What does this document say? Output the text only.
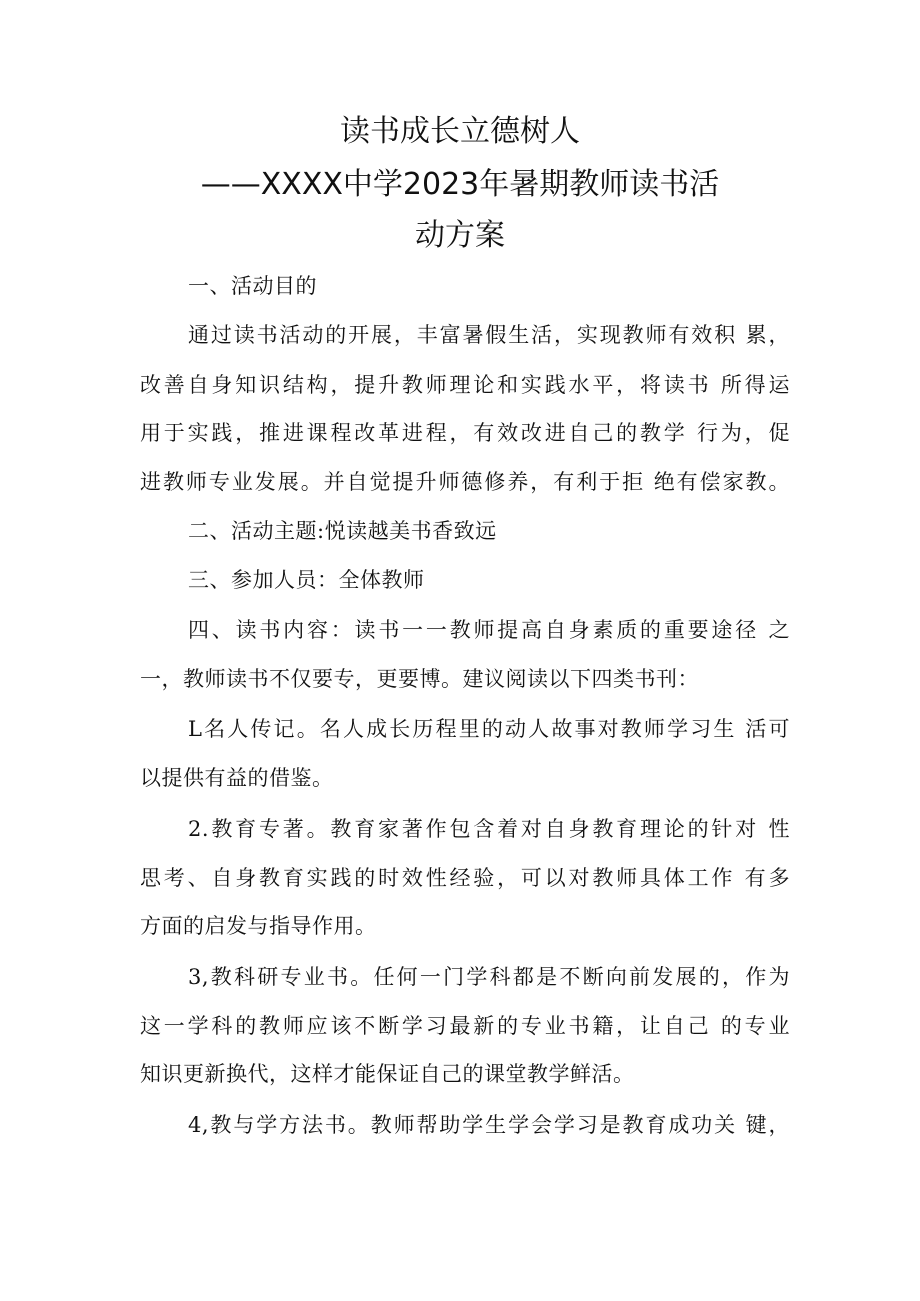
读书成长立德树人
——XXXX中学2023年暑期教师读书活
动方案
一、活动目的
通过读书活动的开展，丰富暑假生活，实现教师有效积 累，
改善自身知识结构，提升教师理论和实践水平，将读书 所得运
用于实践，推进课程改革进程，有效改进自己的教学 行为，促
进教师专业发展。并自觉提升师德修养，有利于拒 绝有偿家教。
二、活动主题:悦读越美书香致远
三、参加人员：全体教师
四、读书内容：读书一一教师提高自身素质的重要途径 之
一，教师读书不仅要专，更要博。建议阅读以下四类书刊：
L名人传记。名人成长历程里的动人故事对教师学习生 活可
以提供有益的借鉴。
2.教育专著。教育家著作包含着对自身教育理论的针对 性
思考、自身教育实践的时效性经验，可以对教师具体工作 有多
方面的启发与指导作用。
3,教科研专业书。任何一门学科都是不断向前发展的，作为
这一学科的教师应该不断学习最新的专业书籍，让自己 的专业
知识更新换代，这样才能保证自己的课堂教学鲜活。
4,教与学方法书。教师帮助学生学会学习是教育成功关 键，
